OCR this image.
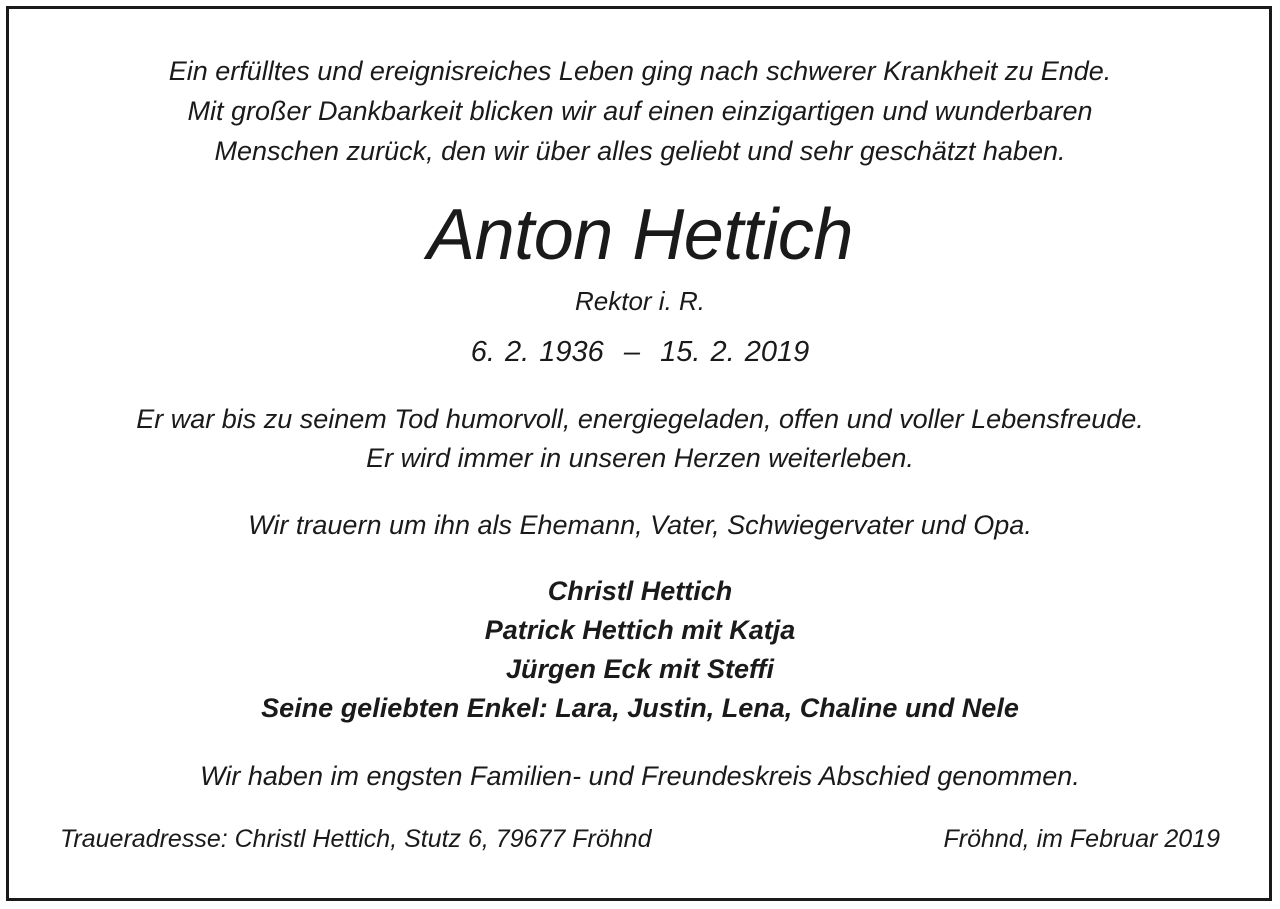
Ein erfülltes und ereignisreiches Leben ging nach schwerer Krankheit zu Ende.
Mit großer Dankbarkeit blicken wir auf einen einzigartigen und wunderbaren
Menschen zurück, den wir über alles geliebt und sehr geschätzt haben.
Anton Hettich
Rektor i. R.
6. 2. 1936  –  15. 2. 2019
Er war bis zu seinem Tod humorvoll, energiegeladen, offen und voller Lebensfreude.
Er wird immer in unseren Herzen weiterleben.
Wir trauern um ihn als Ehemann, Vater, Schwiegervater und Opa.
Christl Hettich
Patrick Hettich mit Katja
Jürgen Eck mit Steffi
Seine geliebten Enkel: Lara, Justin, Lena, Chaline und Nele
Wir haben im engsten Familien- und Freundeskreis Abschied genommen.
Traueradresse: Christl Hettich, Stutz 6, 79677 Fröhnd	Fröhnd, im Februar 2019
